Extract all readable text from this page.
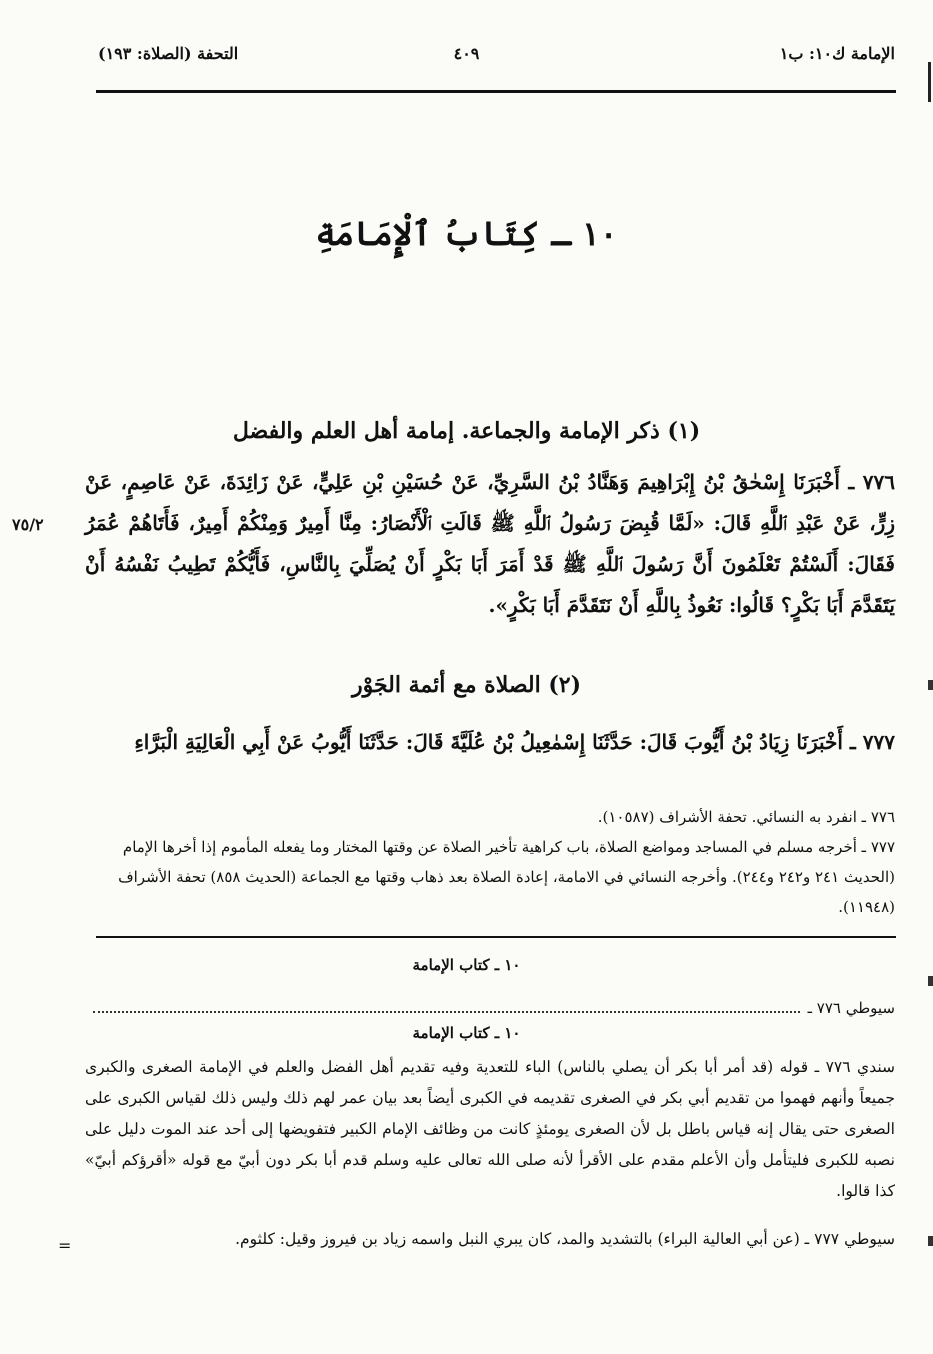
التحفة (الصلاة: ١٩٣)	٤٠٩	الإمامة ك١٠: ب١
١٠ ـ كِتَابُ ٱلْإِمَامَةِ
(١) ذكر الإمامة والجماعة. إمامة أهل العلم والفضل
٧٧٦ ـ أَخْبَرَنَا إِسْحٰقُ بْنُ إِبْرَاهِيمَ وَهَنَّادُ بْنُ السَّرِيِّ، عَنْ حُسَيْنِ بْنِ عَلِيٍّ، عَنْ زَائِدَةَ، عَنْ عَاصِمٍ، عَنْ زِرٍّ، عَنْ عَبْدِ ٱللَّهِ قَالَ: «لَمَّا قُبِضَ رَسُولُ ٱللَّهِ ﷺ قَالَتِ ٱلْأَنْصَارُ: مِنَّا أَمِيرٌ وَمِنْكُمْ أَمِيرٌ، فَأَتَاهُمْ عُمَرُ فَقَالَ: أَلَسْتُمْ تَعْلَمُونَ أَنَّ رَسُولَ ٱللَّهِ ﷺ قَدْ أَمَرَ أَبَا بَكْرٍ أَنْ يُصَلِّيَ بِالنَّاسِ، فَأَيُّكُمْ تَطِيبُ نَفْسُهُ أَنْ يَتَقَدَّمَ أَبَا بَكْرٍ؟ قَالُوا: نَعُوذُ بِاللَّهِ أَنْ نَتَقَدَّمَ أَبَا بَكْرٍ».
٧٥/٢
(٢) الصلاة مع أئمة الجَوْر
٧٧٧ ـ أَخْبَرَنَا زِيَادُ بْنُ أَيُّوبَ قَالَ: حَدَّثَنَا إِسْمٰعِيلُ بْنُ عُلَيَّةَ قَالَ: حَدَّثَنَا أَيُّوبُ عَنْ أَبِي الْعَالِيَةِ الْبَرَّاءِ
٧٧٦ ـ انفرد به النسائي. تحفة الأشراف (١٠٥٨٧).
٧٧٧ ـ أخرجه مسلم في المساجد ومواضع الصلاة، باب كراهية تأخير الصلاة عن وقتها المختار وما يفعله المأموم إذا أخرها الإمام (الحديث ٢٤١ و٢٤٢ و٢٤٤). وأخرجه النسائي في الامامة، إعادة الصلاة بعد ذهاب وقتها مع الجماعة (الحديث ٨٥٨) تحفة الأشراف (١١٩٤٨).
١٠ ـ كتاب الإمامة
سيوطي ٧٧٦ ـ
١٠ ـ كتاب الإمامة
سندي ٧٧٦ ـ قوله (قد أمر أبا بكر أن يصلي بالناس) الباء للتعدية وفيه تقديم أهل الفضل والعلم في الإمامة الصغرى والكبرى جميعاً وأنهم فهموا من تقديم أبي بكر في الصغرى تقديمه في الكبرى أيضاً بعد بيان عمر لهم ذلك وليس ذلك لقياس الكبرى على الصغرى حتى يقال إنه قياس باطل بل لأن الصغرى يومئذٍ كانت من وظائف الإمام الكبير فتفويضها إلى أحد عند الموت دليل على نصبه للكبرى فليتأمل وأن الأعلم مقدم على الأقرأ لأنه صلى الله تعالى عليه وسلم قدم أبا بكر دون أبيّ مع قوله «أقرؤكم أبيّ» كذا قالوا.
سيوطي ٧٧٧ ـ (عن أبي العالية البراء) بالتشديد والمد، كان يبري النبل واسمه زياد بن فيروز وقيل: كلثوم.
=
